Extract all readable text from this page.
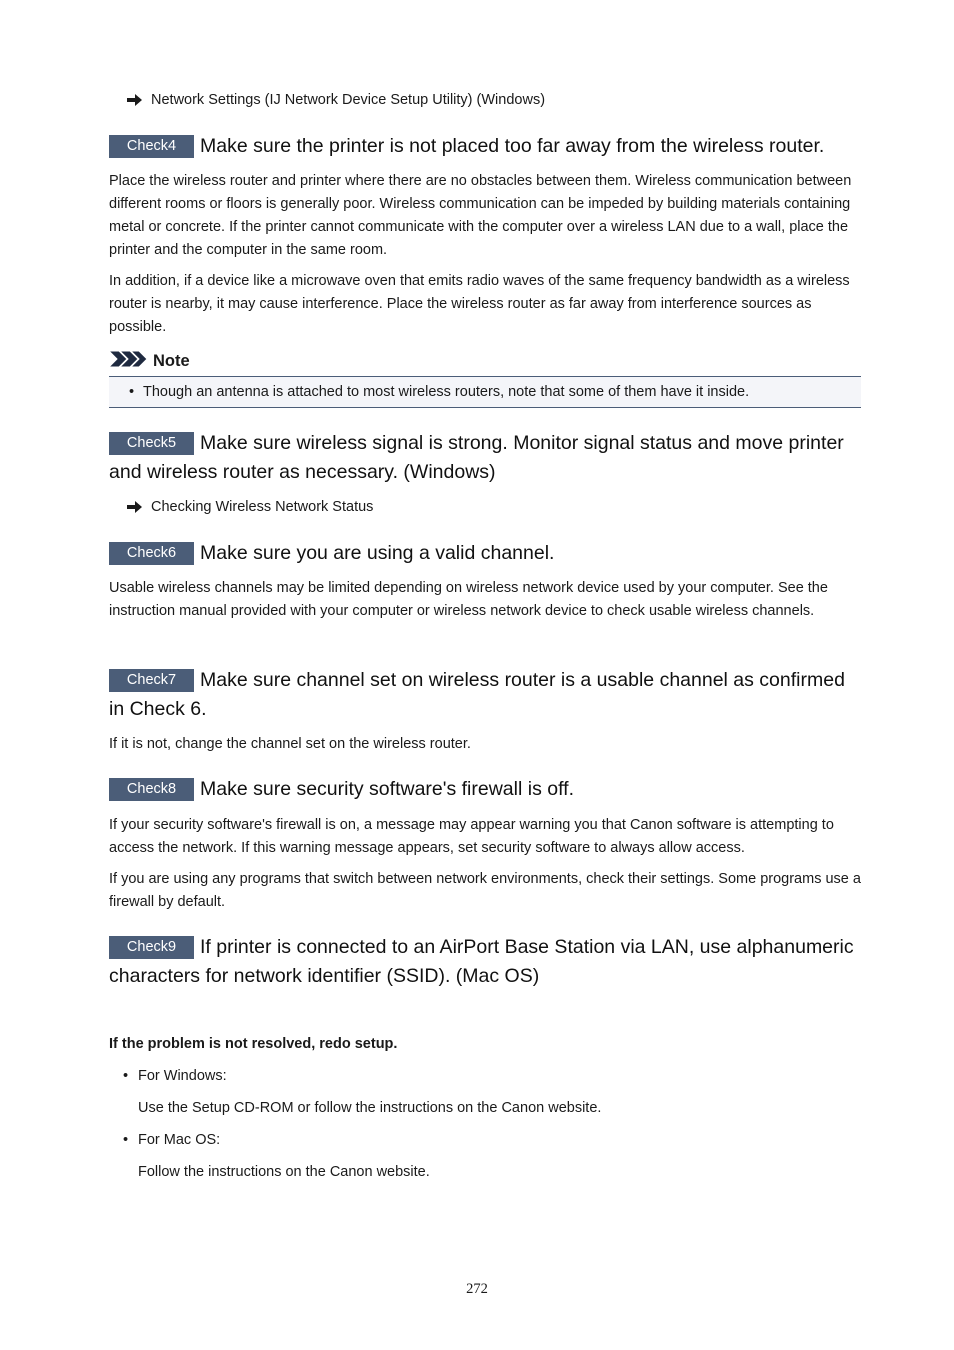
Network Settings (IJ Network Device Setup Utility) (Windows)
Check4 Make sure the printer is not placed too far away from the wireless router.
Place the wireless router and printer where there are no obstacles between them. Wireless communication between different rooms or floors is generally poor. Wireless communication can be impeded by building materials containing metal or concrete. If the printer cannot communicate with the computer over a wireless LAN due to a wall, place the printer and the computer in the same room.
In addition, if a device like a microwave oven that emits radio waves of the same frequency bandwidth as a wireless router is nearby, it may cause interference. Place the wireless router as far away from interference sources as possible.
Note
• Though an antenna is attached to most wireless routers, note that some of them have it inside.
Check5 Make sure wireless signal is strong. Monitor signal status and move printer and wireless router as necessary. (Windows)
Checking Wireless Network Status
Check6 Make sure you are using a valid channel.
Usable wireless channels may be limited depending on wireless network device used by your computer. See the instruction manual provided with your computer or wireless network device to check usable wireless channels.
Check7 Make sure channel set on wireless router is a usable channel as confirmed in Check 6.
If it is not, change the channel set on the wireless router.
Check8 Make sure security software's firewall is off.
If your security software's firewall is on, a message may appear warning you that Canon software is attempting to access the network. If this warning message appears, set security software to always allow access.
If you are using any programs that switch between network environments, check their settings. Some programs use a firewall by default.
Check9 If printer is connected to an AirPort Base Station via LAN, use alphanumeric characters for network identifier (SSID). (Mac OS)
If the problem is not resolved, redo setup.
• For Windows:
Use the Setup CD-ROM or follow the instructions on the Canon website.
• For Mac OS:
Follow the instructions on the Canon website.
272
